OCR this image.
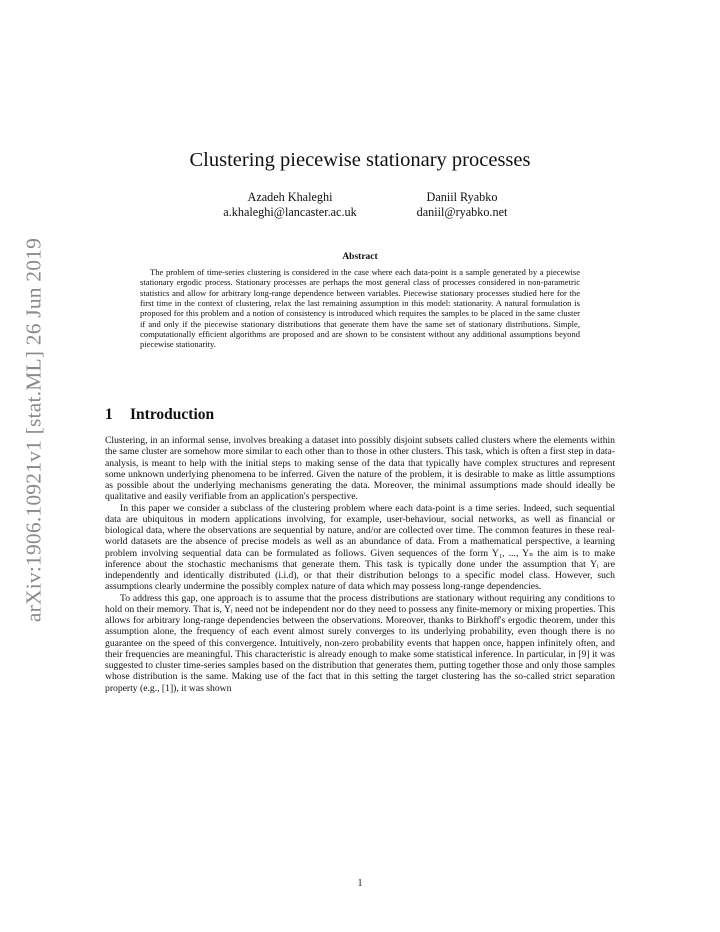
arXiv:1906.10921v1 [stat.ML] 26 Jun 2019
Clustering piecewise stationary processes
Azadeh Khaleghi
a.khaleghi@lancaster.ac.uk
Daniil Ryabko
daniil@ryabko.net
Abstract

The problem of time-series clustering is considered in the case where each data-point is a sample generated by a piecewise stationary ergodic process. Stationary processes are perhaps the most general class of processes considered in non-parametric statistics and allow for arbitrary long-range dependence between variables. Piecewise stationary processes studied here for the first time in the context of clustering, relax the last remaining assumption in this model: stationarity. A natural formulation is proposed for this problem and a notion of consistency is introduced which requires the samples to be placed in the same cluster if and only if the piecewise stationary distributions that generate them have the same set of stationary distributions. Simple, computationally efficient algorithms are proposed and are shown to be consistent without any additional assumptions beyond piecewise stationarity.

1 Introduction

Clustering, in an informal sense, involves breaking a dataset into possibly disjoint subsets called clusters where the elements within the same cluster are somehow more similar to each other than to those in other clusters. This task, which is often a first step in data-analysis, is meant to help with the initial steps to making sense of the data that typically have complex structures and represent some unknown underlying phenomena to be inferred. Given the nature of the problem, it is desirable to make as little assumptions as possible about the underlying mechanisms generating the data. Moreover, the minimal assumptions made should ideally be qualitative and easily verifiable from an application's perspective.

In this paper we consider a subclass of the clustering problem where each data-point is a time series. Indeed, such sequential data are ubiquitous in modern applications involving, for example, user-behaviour, social networks, as well as financial or biological data, where the observations are sequential by nature, and/or are collected over time. The common features in these real-world datasets are the absence of precise models as well as an abundance of data. From a mathematical perspective, a learning problem involving sequential data can be formulated as follows. Given sequences of the form Y₁, ..., Yₙ the aim is to make inference about the stochastic mechanisms that generate them. This task is typically done under the assumption that Yᵢ are independently and identically distributed (i.i.d), or that their distribution belongs to a specific model class. However, such assumptions clearly undermine the possibly complex nature of data which may possess long-range dependencies.

To address this gap, one approach is to assume that the process distributions are stationary without requiring any conditions to hold on their memory. That is, Yᵢ need not be independent nor do they need to possess any finite-memory or mixing properties. This allows for arbitrary long-range dependencies between the observations. Moreover, thanks to Birkhoff's ergodic theorem, under this assumption alone, the frequency of each event almost surely converges to its underlying probability, even though there is no guarantee on the speed of this convergence. Intuitively, non-zero probability events that happen once, happen infinitely often, and their frequencies are meaningful. This characteristic is already enough to make some statistical inference. In particular, in [9] it was suggested to cluster time-series samples based on the distribution that generates them, putting together those and only those samples whose distribution is the same. Making use of the fact that in this setting the target clustering has the so-called strict separation property (e.g., [1]), it was shown

1
